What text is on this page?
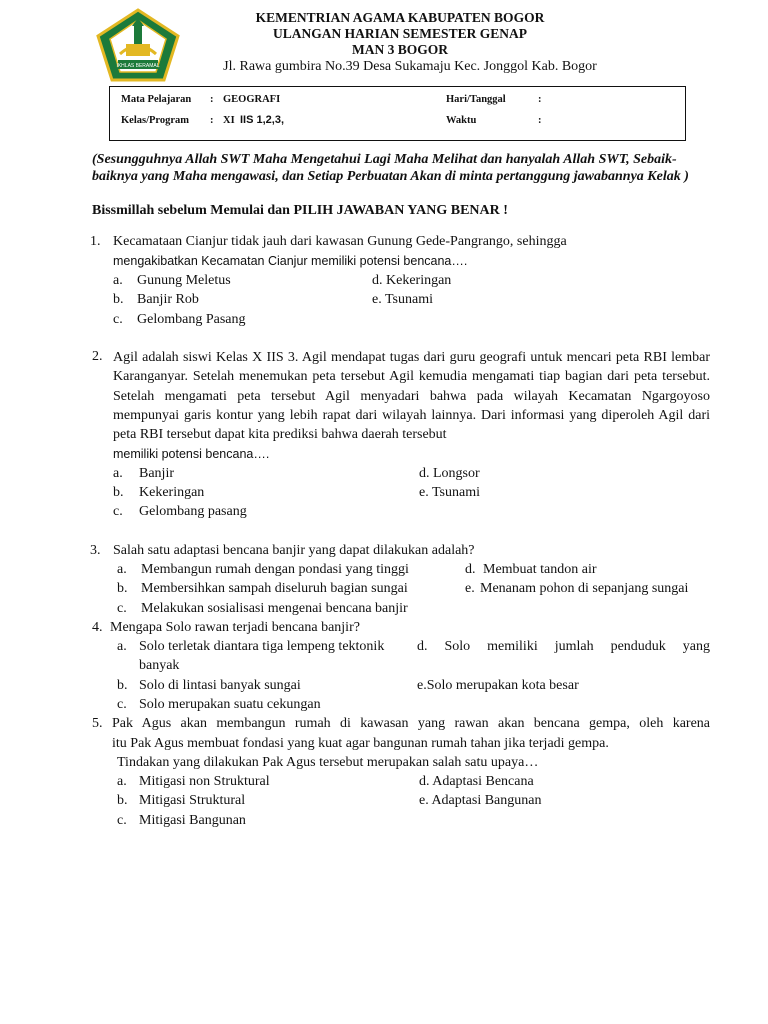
IKHLAS BERAMAL
KEMENTRIAN AGAMA KABUPATEN BOGOR
ULANGAN HARIAN SEMESTER GENAP
MAN 3 BOGOR
Jl. Rawa gumbira No.39 Desa Sukamaju Kec. Jonggol Kab. Bogor
Mata Pelajaran : GEOGRAFI
Kelas/Program : XI IIS 1,2,3,
Hari/Tanggal	:
Waktu	:
(Sesungguhnya Allah SWT Maha Mengetahui Lagi Maha Melihat dan hanyalah Allah SWT, Sebaik-baiknya yang Maha mengawasi, dan Setiap Perbuatan Akan di minta pertanggung jawabannya Kelak )
Bissmillah sebelum Memulai dan PILIH JAWABAN YANG BENAR !
1. Kecamataan Cianjur tidak jauh dari kawasan Gunung Gede-Pangrango, sehingga
mengakibatkan Kecamatan Cianjur memiliki potensi bencana….
a. Gunung Meletus
b. Banjir Rob
c. Gelombang Pasang
d. Kekeringan
e. Tsunami
2. Agil adalah siswi Kelas X IIS 3. Agil mendapat tugas dari guru geografi untuk mencari peta RBI lembar Karanganyar. Setelah menemukan peta tersebut Agil kemudia mengamati tiap bagian dari peta tersebut. Setelah mengamati peta tersebut Agil menyadari bahwa pada wilayah Kecamatan Ngargoyoso mempunyai garis kontur yang lebih rapat dari wilayah lainnya. Dari informasi yang diperoleh Agil dari peta RBI tersebut dapat kita prediksi bahwa daerah tersebut
memiliki potensi bencana….
a. Banjir
b. Kekeringan
c. Gelombang pasang
d. Longsor
e. Tsunami
3. Salah satu adaptasi bencana banjir yang dapat dilakukan adalah?
a. Membangun rumah dengan pondasi yang tinggi
b. Membersihkan sampah diseluruh bagian sungai
c. Melakukan sosialisasi mengenai bencana banjir
d. Membuat tandon air
e. Menanam pohon di sepanjang sungai
4. Mengapa Solo rawan terjadi bencana banjir?
a. Solo terletak diantara tiga lempeng tektonik
b. Solo di lintasi banyak sungai
c. Solo merupakan suatu cekungan
d. Solo memiliki jumlah penduduk yang
banyak
e.Solo merupakan kota besar
5. Pak Agus akan membangun rumah di kawasan yang rawan akan bencana gempa, oleh karena
itu Pak Agus membuat fondasi yang kuat agar bangunan rumah tahan jika terjadi gempa.
Tindakan yang dilakukan Pak Agus tersebut merupakan salah satu upaya…
a. Mitigasi non Struktural
b. Mitigasi Struktural
c. Mitigasi Bangunan
d. Adaptasi Bencana
e. Adaptasi Bangunan
